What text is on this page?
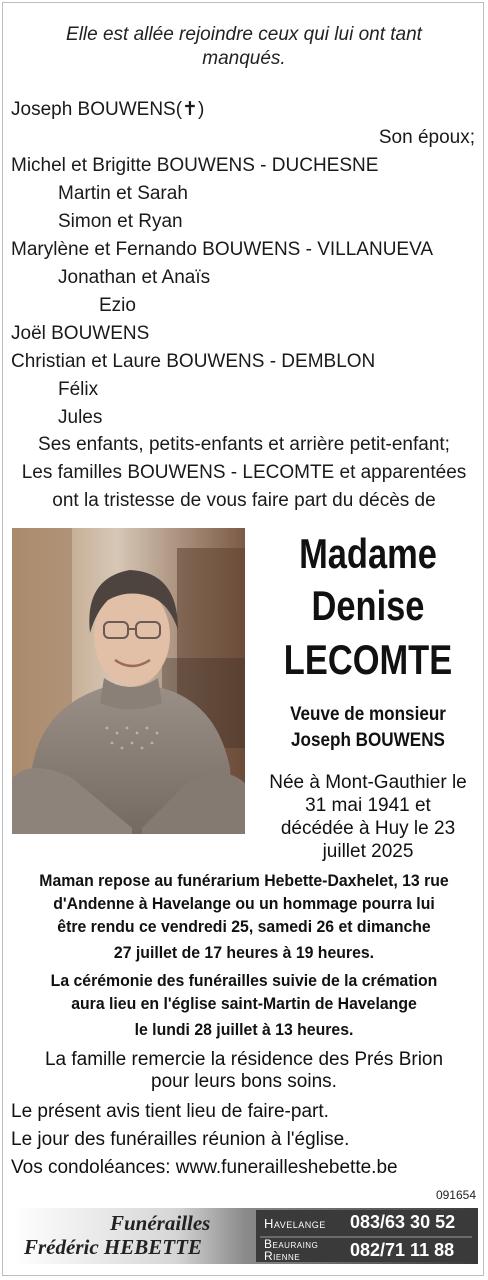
Elle est allée rejoindre ceux qui lui ont tant
manqués.
Joseph BOUWENS(✝)
Son époux;
Michel et Brigitte BOUWENS - DUCHESNE
Martin et Sarah
Simon et Ryan
Marylène et Fernando BOUWENS - VILLANUEVA
Jonathan et Anaïs
Ezio
Joël BOUWENS
Christian et Laure BOUWENS - DEMBLON
Félix
Jules
Ses enfants, petits-enfants et arrière petit-enfant;
Les familles BOUWENS - LECOMTE et apparentées
ont la tristesse de vous faire part du décès de
Madame
Denise
LECOMTE
Veuve de monsieur
Joseph BOUWENS
Née à Mont-Gauthier le
31 mai 1941 et
décédée à Huy le 23
juillet 2025
Maman repose au funérarium Hebette-Daxhelet, 13 rue
d'Andenne à Havelange ou un hommage pourra lui
être rendu ce vendredi 25, samedi 26 et dimanche
27 juillet de 17 heures à 19 heures.
La cérémonie des funérailles suivie de la crémation
aura lieu en l'église saint-Martin de Havelange
le lundi 28 juillet à 13 heures.
La famille remercie la résidence des Prés Brion
pour leurs bons soins.
Le présent avis tient lieu de faire-part.
Le jour des funérailles réunion à l'église.
Vos condoléances: www.funerailleshebette.be
091654
Funérailles
Frédéric HEBETTE
Havelange 083/63 30 52
Beauraing
Rienne	082/71 11 88
